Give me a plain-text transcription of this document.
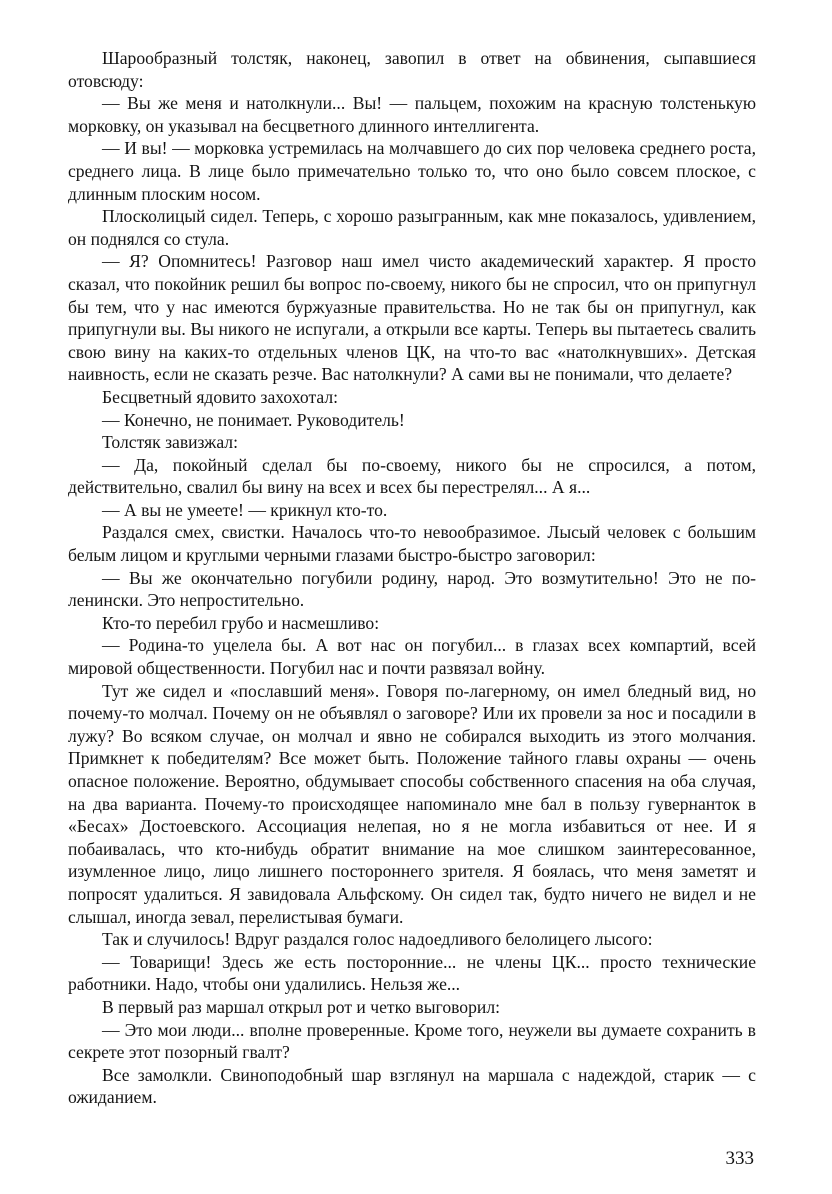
Шарообразный толстяк, наконец, завопил в ответ на обвинения, сыпавшиеся отовсюду:

— Вы же меня и натолкнули... Вы! — пальцем, похожим на красную толстенькую морковку, он указывал на бесцветного длинного интеллигента.

— И вы! — морковка устремилась на молчавшего до сих пор человека среднего роста, среднего лица. В лице было примечательно только то, что оно было совсем плоское, с длинным плоским носом.

Плосколицый сидел. Теперь, с хорошо разыгранным, как мне показалось, удивлением, он поднялся со стула.

— Я? Опомнитесь! Разговор наш имел чисто академический характер. Я просто сказал, что покойник решил бы вопрос по-своему, никого бы не спросил, что он припугнул бы тем, что у нас имеются буржуазные правительства. Но не так бы он припугнул, как припугнули вы. Вы никого не испугали, а открыли все карты. Теперь вы пытаетесь свалить свою вину на каких-то отдельных членов ЦК, на что-то вас «натолкнувших». Детская наивность, если не сказать резче. Вас натолкнули? А сами вы не понимали, что делаете?

Бесцветный ядовито захохотал:

— Конечно, не понимает. Руководитель!

Толстяк завизжал:

— Да, покойный сделал бы по-своему, никого бы не спросился, а потом, действительно, свалил бы вину на всех и всех бы перестрелял... А я...

— А вы не умеете! — крикнул кто-то.

Раздался смех, свистки. Началось что-то невообразимое. Лысый человек с большим белым лицом и круглыми черными глазами быстро-быстро заговорил:

— Вы же окончательно погубили родину, народ. Это возмутительно! Это не по-ленински. Это непростительно.

Кто-то перебил грубо и насмешливо:

— Родина-то уцелела бы. А вот нас он погубил... в глазах всех компартий, всей мировой общественности. Погубил нас и почти развязал войну.

Тут же сидел и «пославший меня». Говоря по-лагерному, он имел бледный вид, но почему-то молчал. Почему он не объявлял о заговоре? Или их провели за нос и посадили в лужу? Во всяком случае, он молчал и явно не собирался выходить из этого молчания. Примкнет к победителям? Все может быть. Положение тайного главы охраны — очень опасное положение. Вероятно, обдумывает способы собственного спасения на оба случая, на два варианта. Почему-то происходящее напоминало мне бал в пользу гувернанток в «Бесах» Достоевского. Ассоциация нелепая, но я не могла избавиться от нее. И я побаивалась, что кто-нибудь обратит внимание на мое слишком заинтересованное, изумленное лицо, лицо лишнего постороннего зрителя. Я боялась, что меня заметят и попросят удалиться. Я завидовала Альфскому. Он сидел так, будто ничего не видел и не слышал, иногда зевал, перелистывая бумаги.

Так и случилось! Вдруг раздался голос надоедливого белолицего лысого:

— Товарищи! Здесь же есть посторонние... не члены ЦК... просто технические работники. Надо, чтобы они удалились. Нельзя же...

В первый раз маршал открыл рот и четко выговорил:

— Это мои люди... вполне проверенные. Кроме того, неужели вы думаете сохранить в секрете этот позорный гвалт?

Все замолкли. Свиноподобный шар взглянул на маршала с надеждой, старик — с ожиданием.

333
